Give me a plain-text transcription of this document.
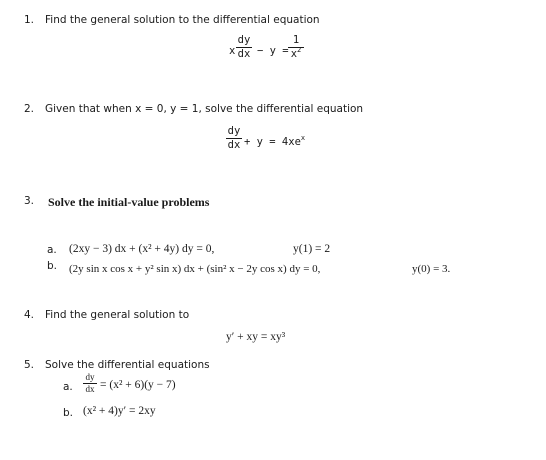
1. Find the general solution to the differential equation
x
dy
dx − y =
1
$x^2$
2. Given that when x = 0, y = 1, solve the differential equation
dy
dx + $y = 4xe^x$
3. Solve the initial-value problems
a. (2xy − 3) dx + (x² + 4y) dy = 0,	y(1) = 2
b. (2y sin x cos x + y² sin x) dx + (sin² x − 2y cos x) dy = 0,	y(0) = 3.
4. Find the general solution to
y′ + xy = xy³
5. Solve the differential equations
a.
dy
dx = (x² + 6)(y − 7)
b. (x² + 4)y′ = 2xy
